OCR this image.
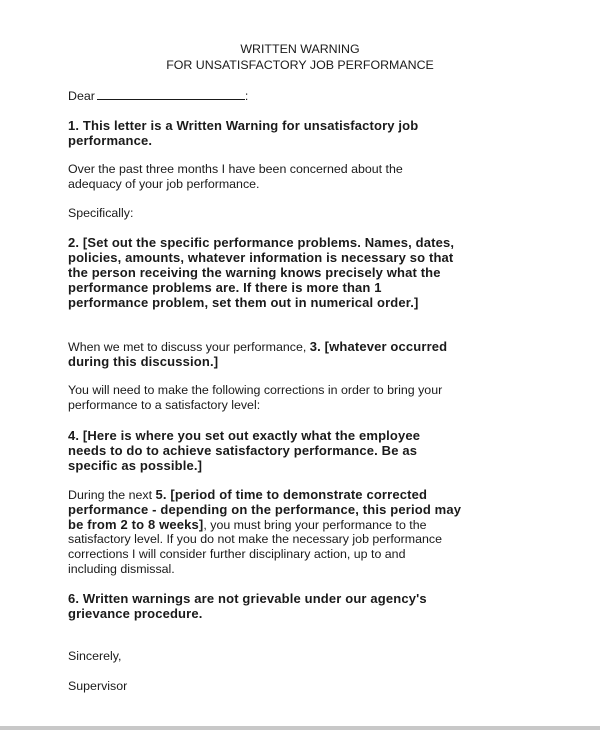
WRITTEN WARNING
FOR UNSATISFACTORY JOB PERFORMANCE
Dear	:
1. This letter is a Written Warning for unsatisfactory job
performance.
Over the past three months I have been concerned about the
adequacy of your job performance.
Specifically:
2. [Set out the specific performance problems. Names, dates,
policies, amounts, whatever information is necessary so that
the person receiving the warning knows precisely what the
performance problems are. If there is more than 1
performance problem, set them out in numerical order.]
When we met to discuss your performance, 3. [whatever occurred
during this discussion.]
You will need to make the following corrections in order to bring your
performance to a satisfactory level:
4. [Here is where you set out exactly what the employee
needs to do to achieve satisfactory performance. Be as
specific as possible.]
During the next 5. [period of time to demonstrate corrected
performance - depending on the performance, this period may
be from 2 to 8 weeks], you must bring your performance to the
satisfactory level. If you do not make the necessary job performance
corrections I will consider further disciplinary action, up to and
including dismissal.
6. Written warnings are not grievable under our agency's
grievance procedure.
Sincerely,
Supervisor
